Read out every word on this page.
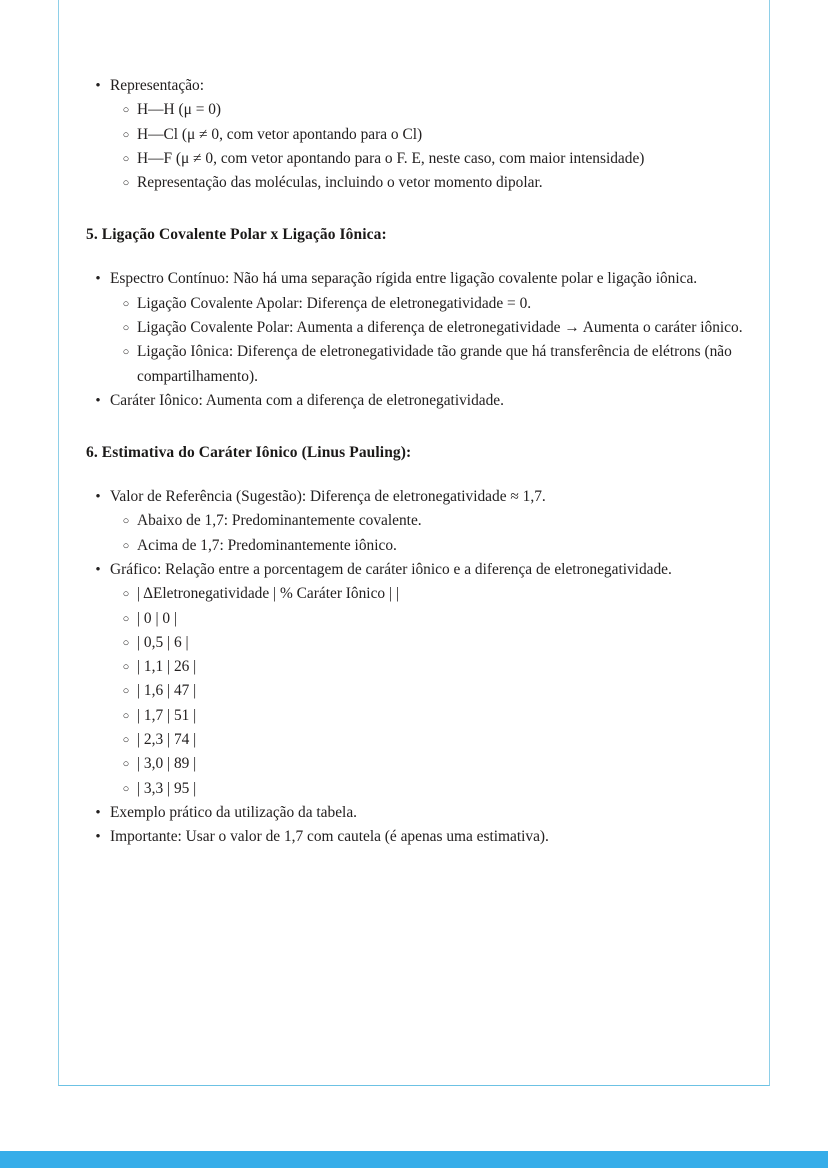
• Representação:
○ H—H (μ = 0)
○ H—Cl (μ ≠ 0, com vetor apontando para o Cl)
○ H—F (μ ≠ 0, com vetor apontando para o F. E, neste caso, com maior intensidade)
○ Representação das moléculas, incluindo o vetor momento dipolar.
5. Ligação Covalente Polar x Ligação Iônica:
• Espectro Contínuo: Não há uma separação rígida entre ligação covalente polar e ligação iônica.
○ Ligação Covalente Apolar: Diferença de eletronegatividade = 0.
○ Ligação Covalente Polar: Aumenta a diferença de eletronegatividade → Aumenta o caráter iônico.
○ Ligação Iônica: Diferença de eletronegatividade tão grande que há transferência de elétrons (não compartilhamento).
• Caráter Iônico: Aumenta com a diferença de eletronegatividade.
6. Estimativa do Caráter Iônico (Linus Pauling):
• Valor de Referência (Sugestão): Diferença de eletronegatividade ≈ 1,7.
○ Abaixo de 1,7: Predominantemente covalente.
○ Acima de 1,7: Predominantemente iônico.
• Gráfico: Relação entre a porcentagem de caráter iônico e a diferença de eletronegatividade.
○ | ΔEletronegatividade | % Caráter Iônico | |
○ | 0 | 0 |
○ | 0,5 | 6 |
○ | 1,1 | 26 |
○ | 1,6 | 47 |
○ | 1,7 | 51 |
○ | 2,3 | 74 |
○ | 3,0 | 89 |
○ | 3,3 | 95 |
• Exemplo prático da utilização da tabela.
• Importante: Usar o valor de 1,7 com cautela (é apenas uma estimativa).
